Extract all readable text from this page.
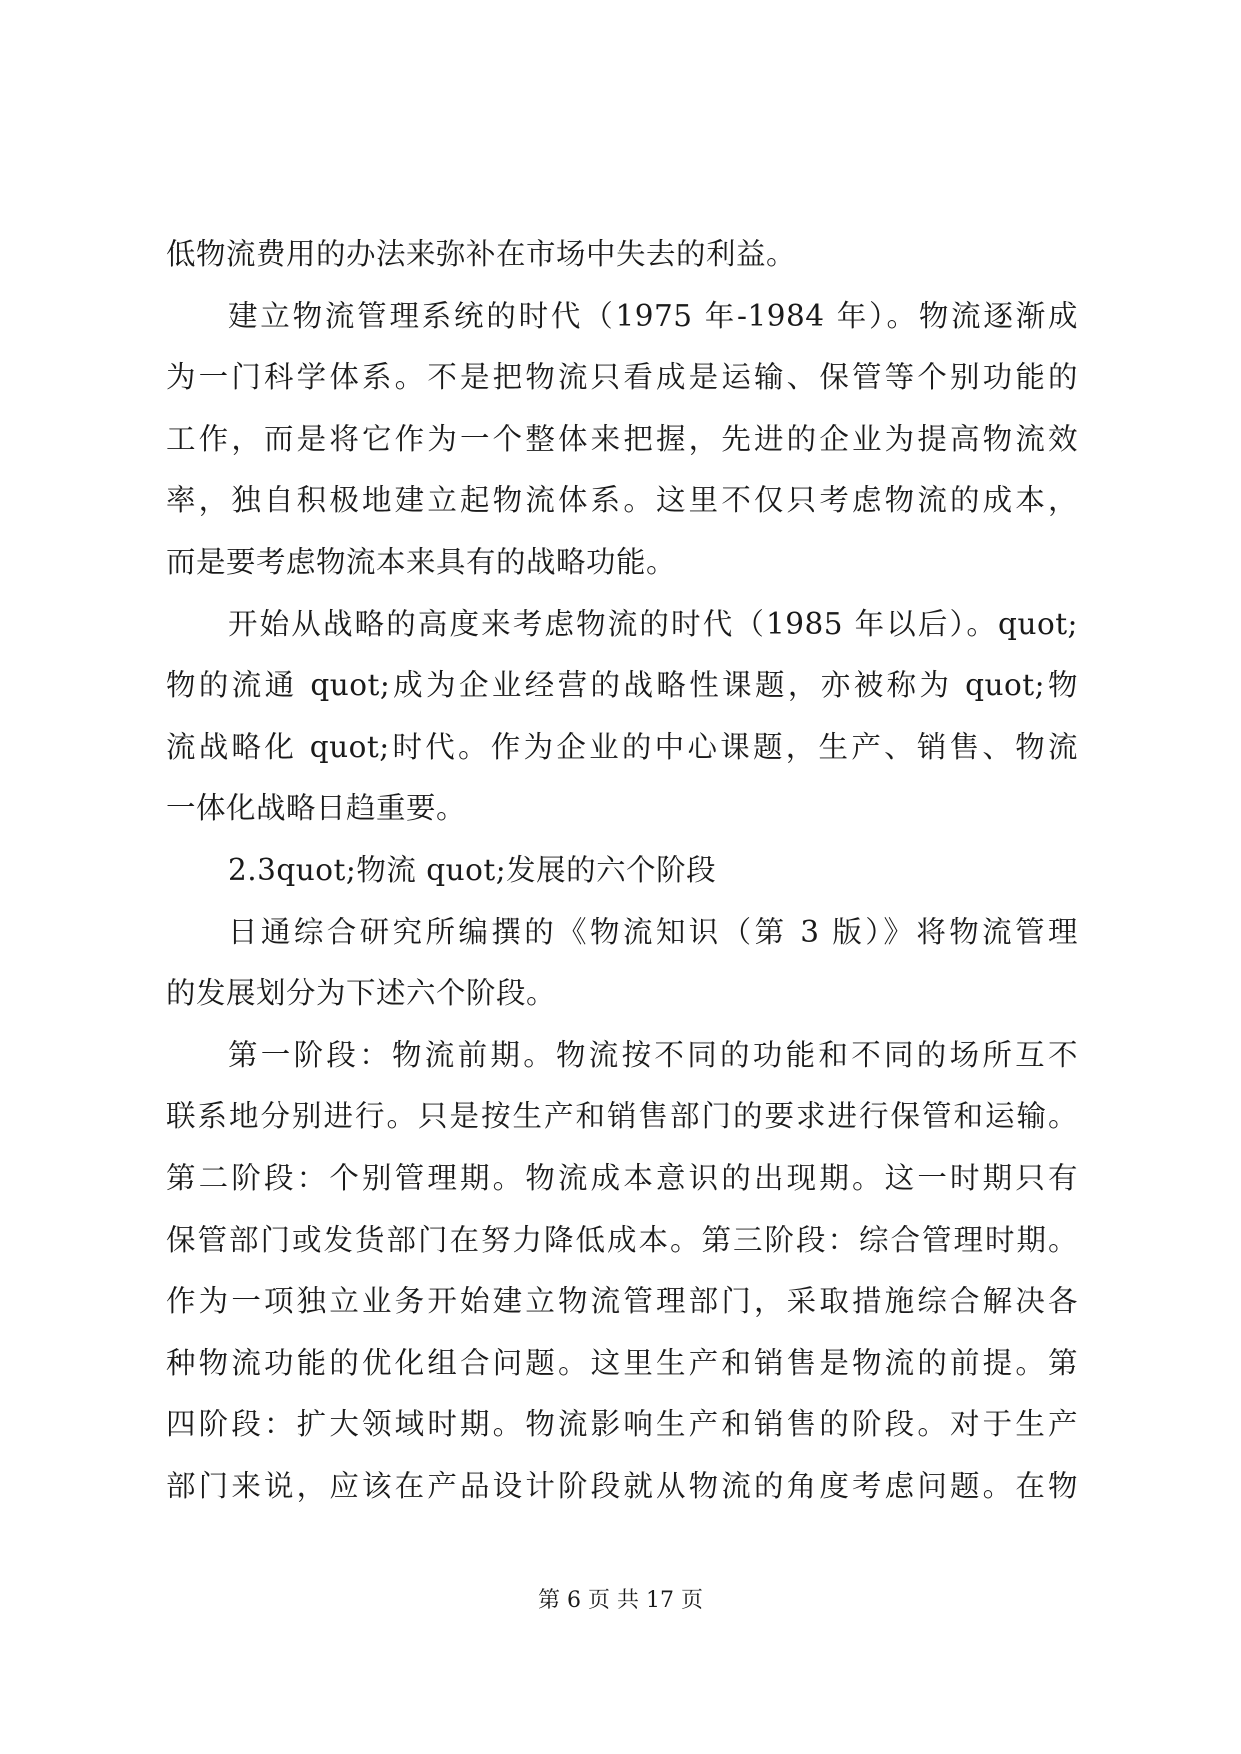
低物流费用的办法来弥补在市场中失去的利益。
建立物流管理系统的时代（1975 年-1984 年）。物流逐渐成
为一门科学体系。不是把物流只看成是运输、保管等个别功能的
工作，而是将它作为一个整体来把握，先进的企业为提高物流效
率，独自积极地建立起物流体系。这里不仅只考虑物流的成本，
而是要考虑物流本来具有的战略功能。
开始从战略的高度来考虑物流的时代（1985 年以后）。quot;
物的流通 quot;成为企业经营的战略性课题，亦被称为 quot;物
流战略化 quot;时代。作为企业的中心课题，生产、销售、物流
一体化战略日趋重要。
2.3quot;物流 quot;发展的六个阶段
日通综合研究所编撰的《物流知识（第 3 版）》将物流管理
的发展划分为下述六个阶段。
第一阶段：物流前期。物流按不同的功能和不同的场所互不
联系地分别进行。只是按生产和销售部门的要求进行保管和运输。
第二阶段：个别管理期。物流成本意识的出现期。这一时期只有
保管部门或发货部门在努力降低成本。第三阶段：综合管理时期。
作为一项独立业务开始建立物流管理部门，采取措施综合解决各
种物流功能的优化组合问题。这里生产和销售是物流的前提。第
四阶段：扩大领域时期。物流影响生产和销售的阶段。对于生产
部门来说，应该在产品设计阶段就从物流的角度考虑问题。在物
第 6 页 共 17 页
